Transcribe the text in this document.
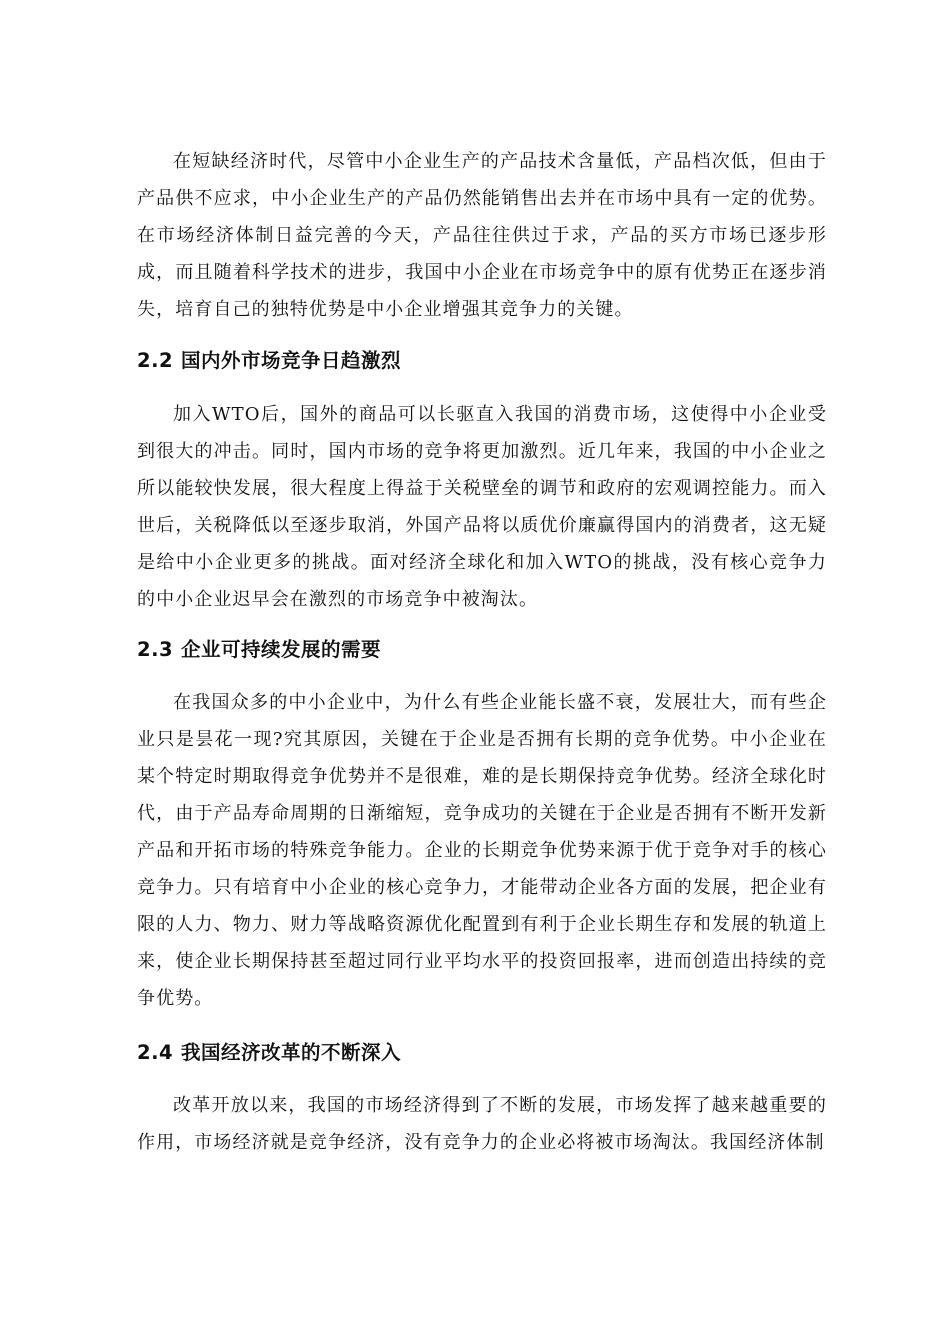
在短缺经济时代，尽管中小企业生产的产品技术含量低，产品档次低，但由于产品供不应求，中小企业生产的产品仍然能销售出去并在市场中具有一定的优势。在市场经济体制日益完善的今天，产品往往供过于求，产品的买方市场已逐步形成，而且随着科学技术的进步，我国中小企业在市场竞争中的原有优势正在逐步消失，培育自己的独特优势是中小企业增强其竞争力的关键。

2.2 国内外市场竞争日趋激烈

加入WTO后，国外的商品可以长驱直入我国的消费市场，这使得中小企业受到很大的冲击。同时，国内市场的竞争将更加激烈。近几年来，我国的中小企业之所以能较快发展，很大程度上得益于关税壁垒的调节和政府的宏观调控能力。而入世后，关税降低以至逐步取消，外国产品将以质优价廉赢得国内的消费者，这无疑是给中小企业更多的挑战。面对经济全球化和加入WTO的挑战，没有核心竞争力的中小企业迟早会在激烈的市场竞争中被淘汰。

2.3 企业可持续发展的需要

在我国众多的中小企业中，为什么有些企业能长盛不衰，发展壮大，而有些企业只是昙花一现?究其原因，关键在于企业是否拥有长期的竞争优势。中小企业在某个特定时期取得竞争优势并不是很难，难的是长期保持竞争优势。经济全球化时代，由于产品寿命周期的日渐缩短，竞争成功的关键在于企业是否拥有不断开发新产品和开拓市场的特殊竞争能力。企业的长期竞争优势来源于优于竞争对手的核心竞争力。只有培育中小企业的核心竞争力，才能带动企业各方面的发展，把企业有限的人力、物力、财力等战略资源优化配置到有利于企业长期生存和发展的轨道上来，使企业长期保持甚至超过同行业平均水平的投资回报率，进而创造出持续的竞争优势。

2.4 我国经济改革的不断深入

改革开放以来，我国的市场经济得到了不断的发展，市场发挥了越来越重要的作用，市场经济就是竞争经济，没有竞争力的企业必将被市场淘汰。我国经济体制
